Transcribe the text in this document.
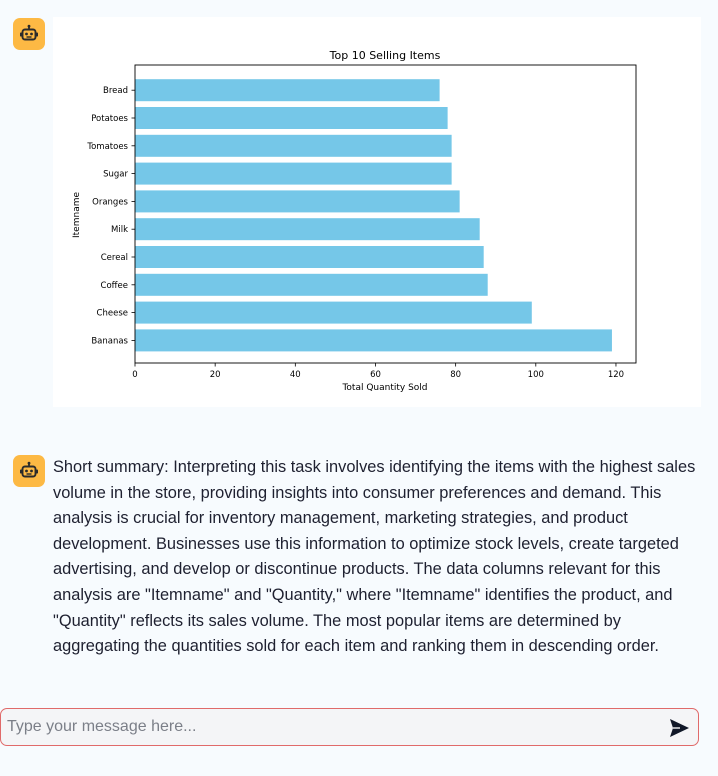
Top 10 Selling Items
Total Quantity Sold
Itemname
Bananas
Cheese
Coffee
Cereal
Milk
Oranges
Sugar
Tomatoes
Potatoes
Bread
0	20	40	60	80	100	120

Short summary: Interpreting this task involves identifying the items with the highest sales volume in the store, providing insights into consumer preferences and demand. This analysis is crucial for inventory management, marketing strategies, and product development. Businesses use this information to optimize stock levels, create targeted advertising, and develop or discontinue products. The data columns relevant for this analysis are "Itemname" and "Quantity," where "Itemname" identifies the product, and "Quantity" reflects its sales volume. The most popular items are determined by aggregating the quantities sold for each item and ranking them in descending order.

Type your message here...
